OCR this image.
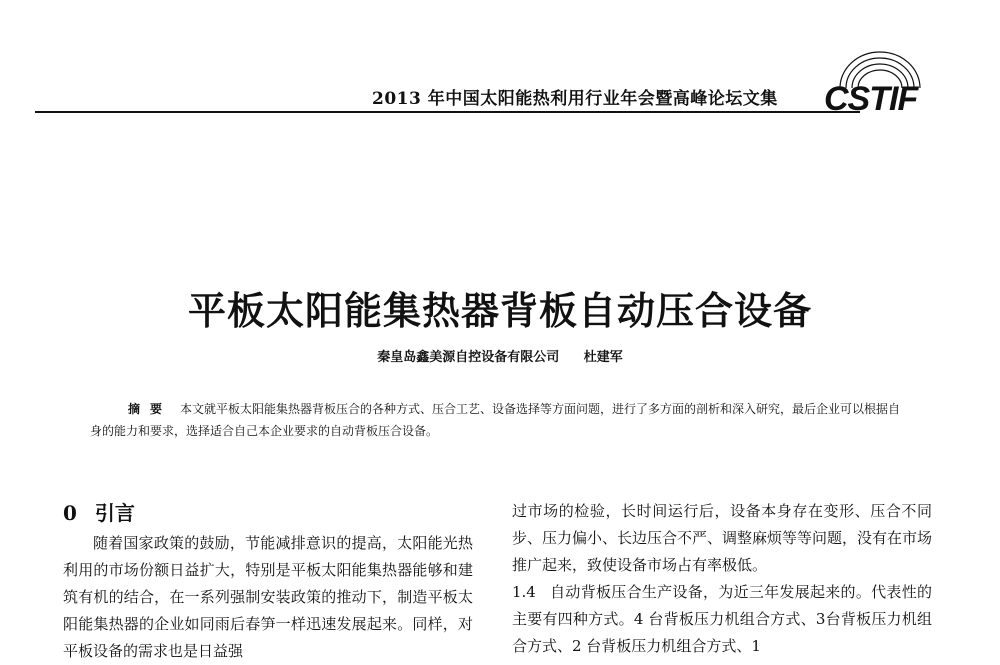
2013 年中国太阳能热利用行业年会暨高峰论坛文集 CSTIF
平板太阳能集热器背板自动压合设备
秦皇岛鑫美源自控设备有限公司 杜建军
摘要 本文就平板太阳能集热器背板压合的各种方式、压合工艺、设备选择等方面问题，进行了多方面的剖析和深入研究，最后企业可以根据自身的能力和要求，选择适合自己本企业要求的自动背板压合设备。
0 引言
随着国家政策的鼓励，节能减排意识的提高，太阳能光热利用的市场份额日益扩大，特别是平板太阳能集热器能够和建筑有机的结合，在一系列强制安装政策的推动下，制造平板太阳能集热器的企业如同雨后春笋一样迅速发展起来。同样，对平板设备的需求也是日益强
过市场的检验，长时间运行后，设备本身存在变形、压合不同步、压力偏小、长边压合不严、调整麻烦等等问题，没有在市场推广起来，致使设备市场占有率极低。
1.4 自动背板压合生产设备，为近三年发展起来的。代表性的主要有四种方式。4 台背板压力机组合方式、3台背板压力机组合方式、2 台背板压力机组合方式、1
